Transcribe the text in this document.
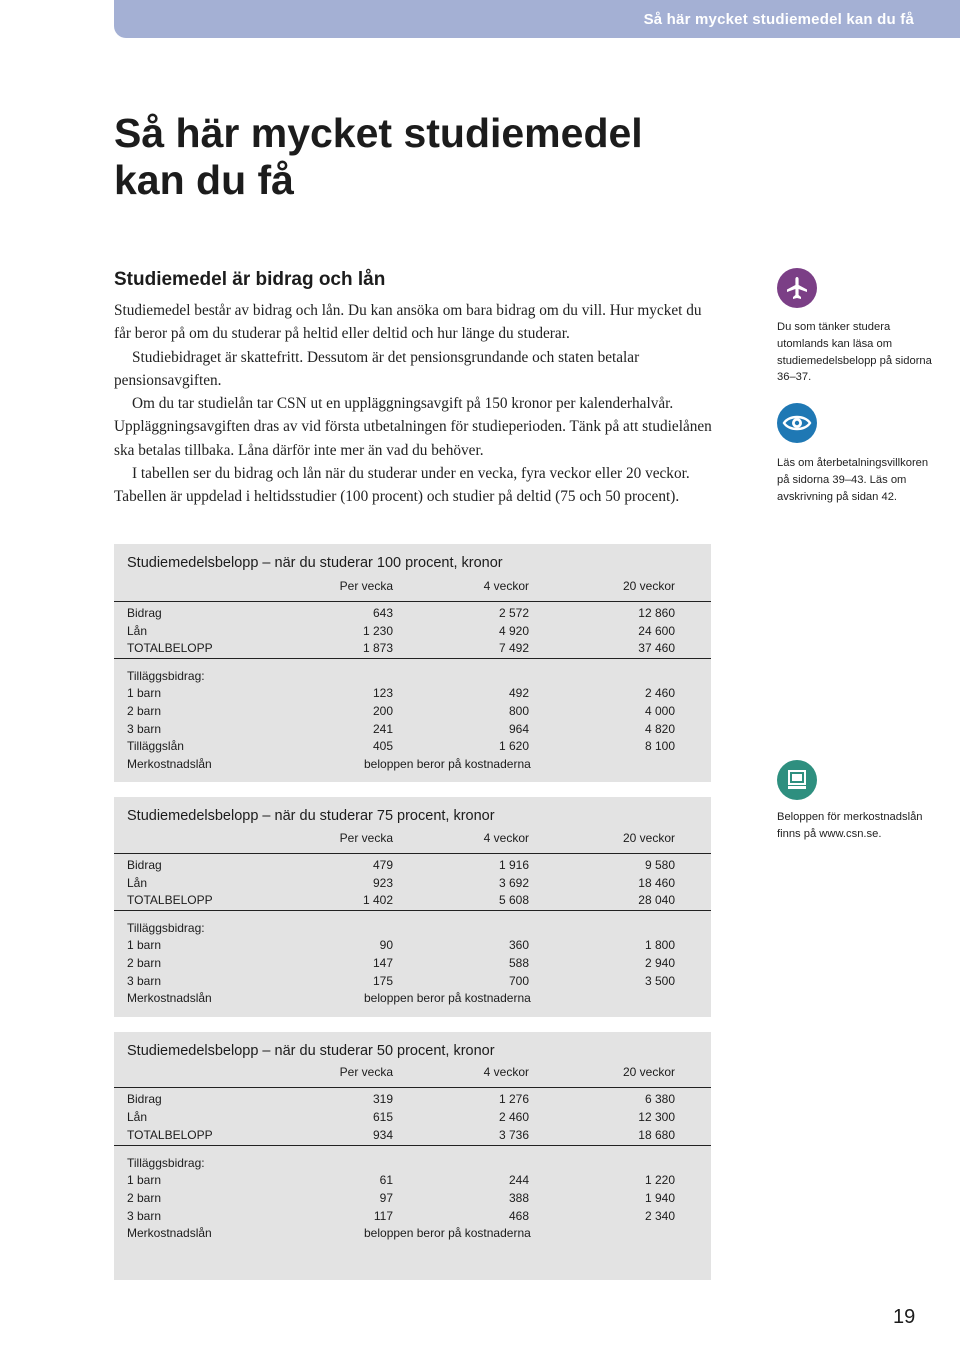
Så här mycket studiemedel kan du få
Så här mycket studiemedel kan du få
Studiemedel är bidrag och lån

Studiemedel består av bidrag och lån. Du kan ansöka om bara bidrag om du vill. Hur mycket du får beror på om du studerar på heltid eller deltid och hur länge du studerar.

Studiebidraget är skattefritt. Dessutom är det pensionsgrundande och staten betalar pensionsavgiften.

Om du tar studielån tar CSN ut en uppläggningsavgift på 150 kronor per kalenderhalvår. Uppläggningsavgiften dras av vid första utbetalningen för studieperioden. Tänk på att studielånen ska betalas tillbaka. Låna därför inte mer än vad du behöver.

I tabellen ser du bidrag och lån när du studerar under en vecka, fyra veckor eller 20 veckor. Tabellen är uppdelad i heltidsstudier (100 procent) och studier på deltid (75 och 50 procent).

Du som tänker studera utomlands kan läsa om studiemedelsbelopp på sidorna 36–37.
Läs om återbetalningsvillkoren på sidorna 39–43. Läs om avskrivning på sidan 42.
Beloppen för merkostnadslån finns på www.csn.se.
Studiemedelsbelopp – när du studerar 100 procent, kronor
Per vecka	4 veckor	20 veckor
Bidrag	643	2 572	12 860
Lån	1 230	4 920	24 600
TOTALBELOPP	1 873	7 492	37 460
Tilläggsbidrag:
1 barn	123	492	2 460
2 barn	200	800	4 000
3 barn	241	964	4 820
Tilläggslån	405	1 620	8 100
Merkostnadslån	beloppen beror på kostnaderna
Studiemedelsbelopp – när du studerar 75 procent, kronor
Per vecka	4 veckor	20 veckor
Bidrag	479	1 916	9 580
Lån	923	3 692	18 460
TOTALBELOPP	1 402	5 608	28 040
Tilläggsbidrag:
1 barn	90	360	1 800
2 barn	147	588	2 940
3 barn	175	700	3 500
Merkostnadslån	beloppen beror på kostnaderna
Studiemedelsbelopp – när du studerar 50 procent, kronor
Per vecka	4 veckor	20 veckor
Bidrag	319	1 276	6 380
Lån	615	2 460	12 300
TOTALBELOPP	934	3 736	18 680
Tilläggsbidrag:
1 barn	61	244	1 220
2 barn	97	388	1 940
3 barn	117	468	2 340
Merkostnadslån	beloppen beror på kostnaderna
19
